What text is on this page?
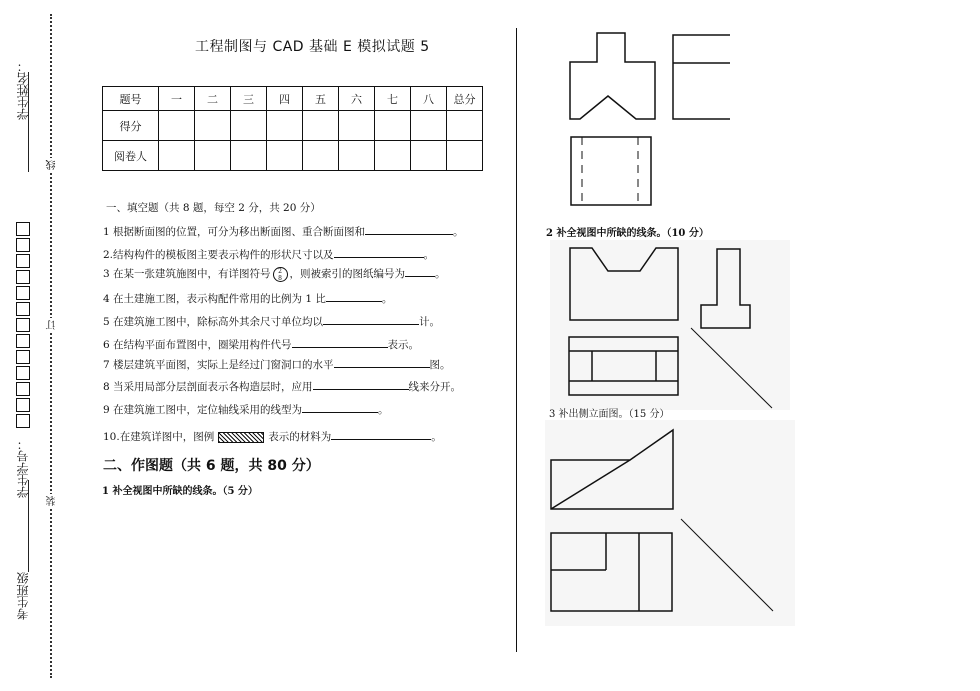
学生姓名：
学生学号：
考生班级
线
订
装
工程制图与 CAD 基础 E 模拟试题 5
题号	一	二	三	四	五	六	七	八	总分
得分									
阅卷人									
一、填空题（共 8 题，每空 2 分，共 20 分）
1 根据断面图的位置，可分为移出断面图、重合断面图和	。
2.结构构件的模板图主要表示构件的形状尺寸以及	。
3 在某一张建筑施图中，有详图符号 2
8 ，则被索引的图纸编号为	。
4 在土建施工图，表示构配件常用的比例为 1 比	。
5 在建筑施工图中，除标高外其余尺寸单位均以	计。
6 在结构平面布置图中，圈梁用构件代号	表示。
7 楼层建筑平面图，实际上是经过门窗洞口的水平	图。
8 当采用局部分层剖面表示各构造层时，应用	线来分开。
9 在建筑施工图中，定位轴线采用的线型为	。
10.在建筑详图中，图例	表示的材料为	。
二、作图题（共 6 题，共 80 分）
1 补全视图中所缺的线条。（5 分）
2 补全视图中所缺的线条。（10 分）
3 补出侧立面图。（15 分）
